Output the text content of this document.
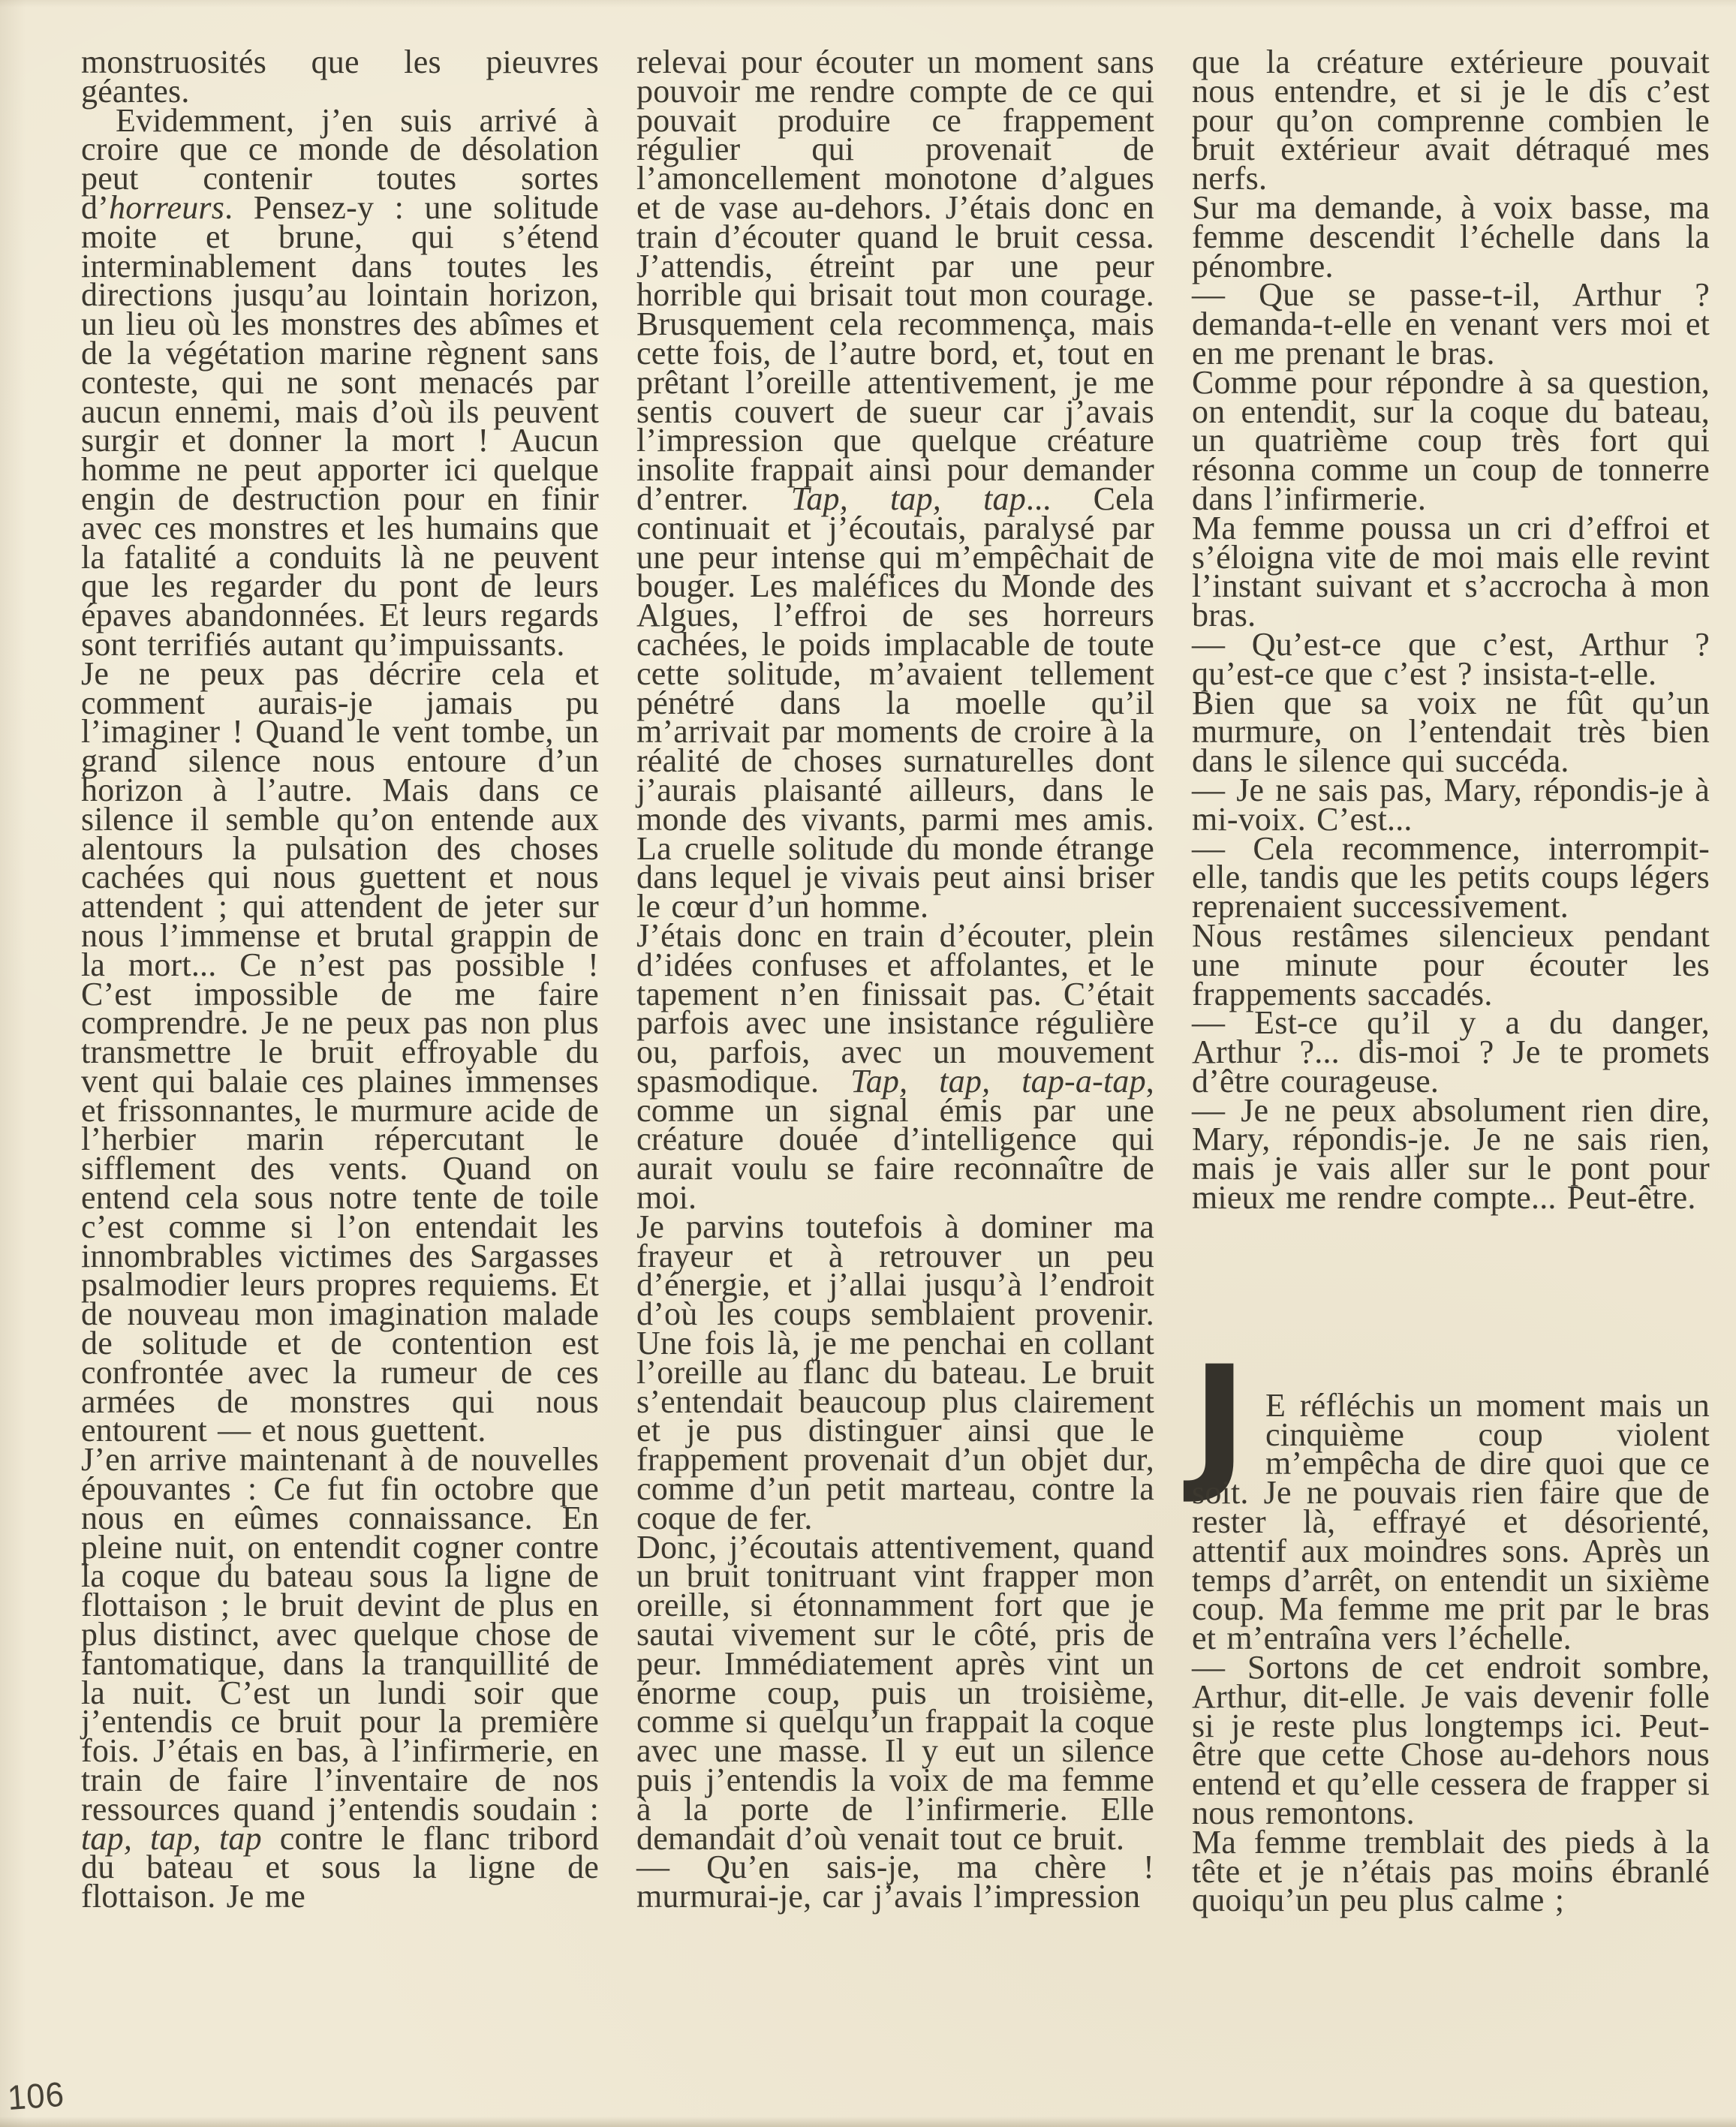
monstruosités que les pieuvres géantes.

Evidemment, j’en suis arrivé à croire que ce monde de désolation peut contenir toutes sortes d’horreurs. Pensez-y : une solitude moite et brune, qui s’étend interminablement dans toutes les directions jusqu’au lointain horizon, un lieu où les monstres des abîmes et de la végétation marine règnent sans conteste, qui ne sont menacés par aucun ennemi, mais d’où ils peuvent surgir et donner la mort ! Aucun homme ne peut apporter ici quelque engin de destruction pour en finir avec ces monstres et les humains que la fatalité a conduits là ne peuvent que les regarder du pont de leurs épaves abandonnées. Et leurs regards sont terrifiés autant qu’impuissants.

Je ne peux pas décrire cela et comment aurais-je jamais pu l’imaginer ! Quand le vent tombe, un grand silence nous entoure d’un horizon à l’autre. Mais dans ce silence il semble qu’on entende aux alentours la pulsation des choses cachées qui nous guettent et nous attendent ; qui attendent de jeter sur nous l’immense et brutal grappin de la mort... Ce n’est pas possible ! C’est impossible de me faire comprendre. Je ne peux pas non plus transmettre le bruit effroyable du vent qui balaie ces plaines immenses et frissonnantes, le murmure acide de l’herbier marin répercutant le sifflement des vents. Quand on entend cela sous notre tente de toile c’est comme si l’on entendait les innombrables victimes des Sargasses psalmodier leurs propres requiems. Et de nouveau mon imagination malade de solitude et de contention est confrontée avec la rumeur de ces armées de monstres qui nous entourent — et nous guettent.

J’en arrive maintenant à de nouvelles épouvantes : Ce fut fin octobre que nous en eûmes connaissance. En pleine nuit, on entendit cogner contre la coque du bateau sous la ligne de flottaison ; le bruit devint de plus en plus distinct, avec quelque chose de fantomatique, dans la tranquillité de la nuit. C’est un lundi soir que j’entendis ce bruit pour la première fois. J’étais en bas, à l’infirmerie, en train de faire l’inventaire de nos ressources quand j’entendis soudain : tap, tap, tap contre le flanc tribord du bateau et sous la ligne de flottaison. Je me

relevai pour écouter un moment sans pouvoir me rendre compte de ce qui pouvait produire ce frappement régulier qui provenait de l’amoncellement monotone d’algues et de vase au-dehors. J’étais donc en train d’écouter quand le bruit cessa. J’attendis, étreint par une peur horrible qui brisait tout mon courage. Brusquement cela recommença, mais cette fois, de l’autre bord, et, tout en prêtant l’oreille attentivement, je me sentis couvert de sueur car j’avais l’impression que quelque créature insolite frappait ainsi pour demander d’entrer. Tap, tap, tap... Cela continuait et j’écoutais, paralysé par une peur intense qui m’empêchait de bouger. Les maléfices du Monde des Algues, l’effroi de ses horreurs cachées, le poids implacable de toute cette solitude, m’avaient tellement pénétré dans la moelle qu’il m’arrivait par moments de croire à la réalité de choses surnaturelles dont j’aurais plaisanté ailleurs, dans le monde des vivants, parmi mes amis. La cruelle solitude du monde étrange dans lequel je vivais peut ainsi briser le cœur d’un homme.

J’étais donc en train d’écouter, plein d’idées confuses et affolantes, et le tapement n’en finissait pas. C’était parfois avec une insistance régulière ou, parfois, avec un mouvement spasmodique. Tap, tap, tap-a-tap, comme un signal émis par une créature douée d’intelligence qui aurait voulu se faire reconnaître de moi.

Je parvins toutefois à dominer ma frayeur et à retrouver un peu d’énergie, et j’allai jusqu’à l’endroit d’où les coups semblaient provenir. Une fois là, je me penchai en collant l’oreille au flanc du bateau. Le bruit s’entendait beaucoup plus clairement et je pus distinguer ainsi que le frappement provenait d’un objet dur, comme d’un petit marteau, contre la coque de fer.

Donc, j’écoutais attentivement, quand un bruit tonitruant vint frapper mon oreille, si étonnamment fort que je sautai vivement sur le côté, pris de peur. Immédiatement après vint un énorme coup, puis un troisième, comme si quelqu’un frappait la coque avec une masse. Il y eut un silence puis j’entendis la voix de ma femme à la porte de l’infirmerie. Elle demandait d’où venait tout ce bruit.

— Qu’en sais-je, ma chère ! murmurai-je, car j’avais l’impression

que la créature extérieure pouvait nous entendre, et si je le dis c’est pour qu’on comprenne combien le bruit extérieur avait détraqué mes nerfs.

Sur ma demande, à voix basse, ma femme descendit l’échelle dans la pénombre.

— Que se passe-t-il, Arthur ? demanda-t-elle en venant vers moi et en me prenant le bras.

Comme pour répondre à sa question, on entendit, sur la coque du bateau, un quatrième coup très fort qui résonna comme un coup de tonnerre dans l’infirmerie.

Ma femme poussa un cri d’effroi et s’éloigna vite de moi mais elle revint l’instant suivant et s’accrocha à mon bras.

— Qu’est-ce que c’est, Arthur ? qu’est-ce que c’est ? insista-t-elle.

Bien que sa voix ne fût qu’un murmure, on l’entendait très bien dans le silence qui succéda.

— Je ne sais pas, Mary, répondis-je à mi-voix. C’est...

— Cela recommence, interrompit-elle, tandis que les petits coups légers reprenaient successivement.

Nous restâmes silencieux pendant une minute pour écouter les frappements saccadés.

— Est-ce qu’il y a du danger, Arthur ?... dis-moi ? Je te promets d’être courageuse.

— Je ne peux absolument rien dire, Mary, répondis-je. Je ne sais rien, mais je vais aller sur le pont pour mieux me rendre compte... Peut-être.

J E réfléchis un moment mais un cinquième coup violent m’empêcha de dire quoi que ce soit. Je ne pouvais rien faire que de rester là, effrayé et désorienté, attentif aux moindres sons. Après un temps d’arrêt, on entendit un sixième coup. Ma femme me prit par le bras et m’entraîna vers l’échelle.

— Sortons de cet endroit sombre, Arthur, dit-elle. Je vais devenir folle si je reste plus longtemps ici. Peut-être que cette Chose au-dehors nous entend et qu’elle cessera de frapper si nous remontons.

Ma femme tremblait des pieds à la tête et je n’étais pas moins ébranlé quoiqu’un peu plus calme ;

106
